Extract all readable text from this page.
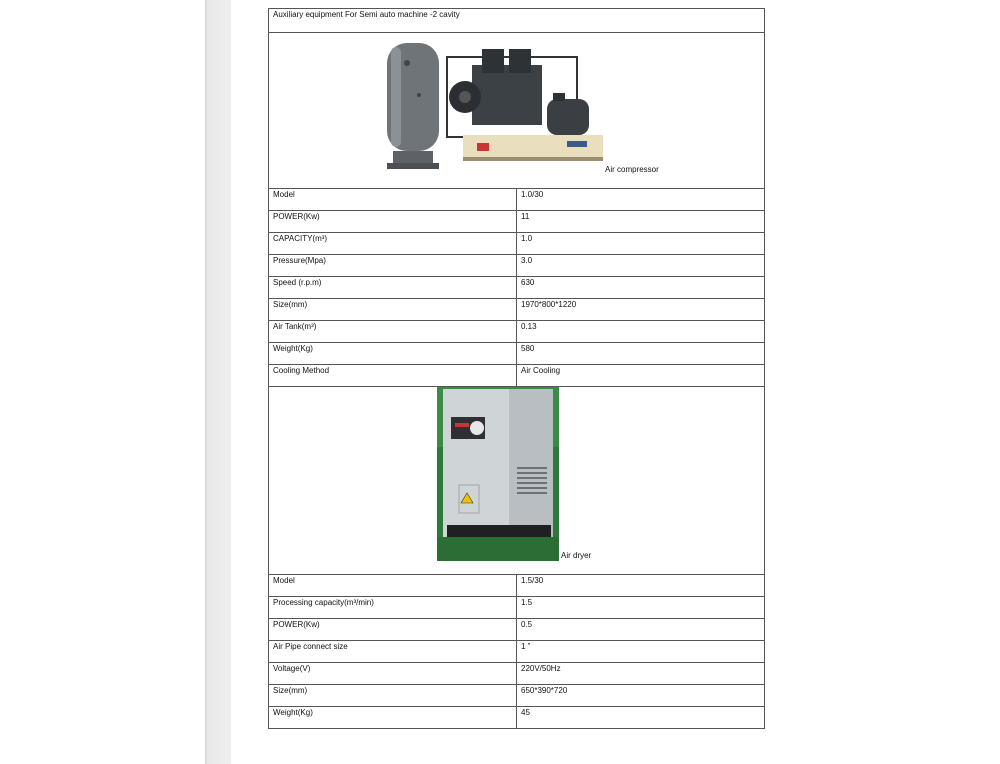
Auxiliary equipment For Semi auto machine -2 cavity	

Air compressor	

Model	1.0/30
POWER(Kw)	11
CAPACITY(m³)	1.0
Pressure(Mpa)	3.0
Speed (r.p.m)	630
Size(mm)	1970*800*1220
Air Tank(m³)	0.13
Weight(Kg)	580
Cooling Method	Air Cooling

Air dryer	

Model	1.5/30
Processing capacity(m³/min)	1.5
POWER(Kw)	0.5
Air Pipe connect size	1 ”
Voltage(V)	220V/50Hz
Size(mm)	650*390*720
Weight(Kg)	45
